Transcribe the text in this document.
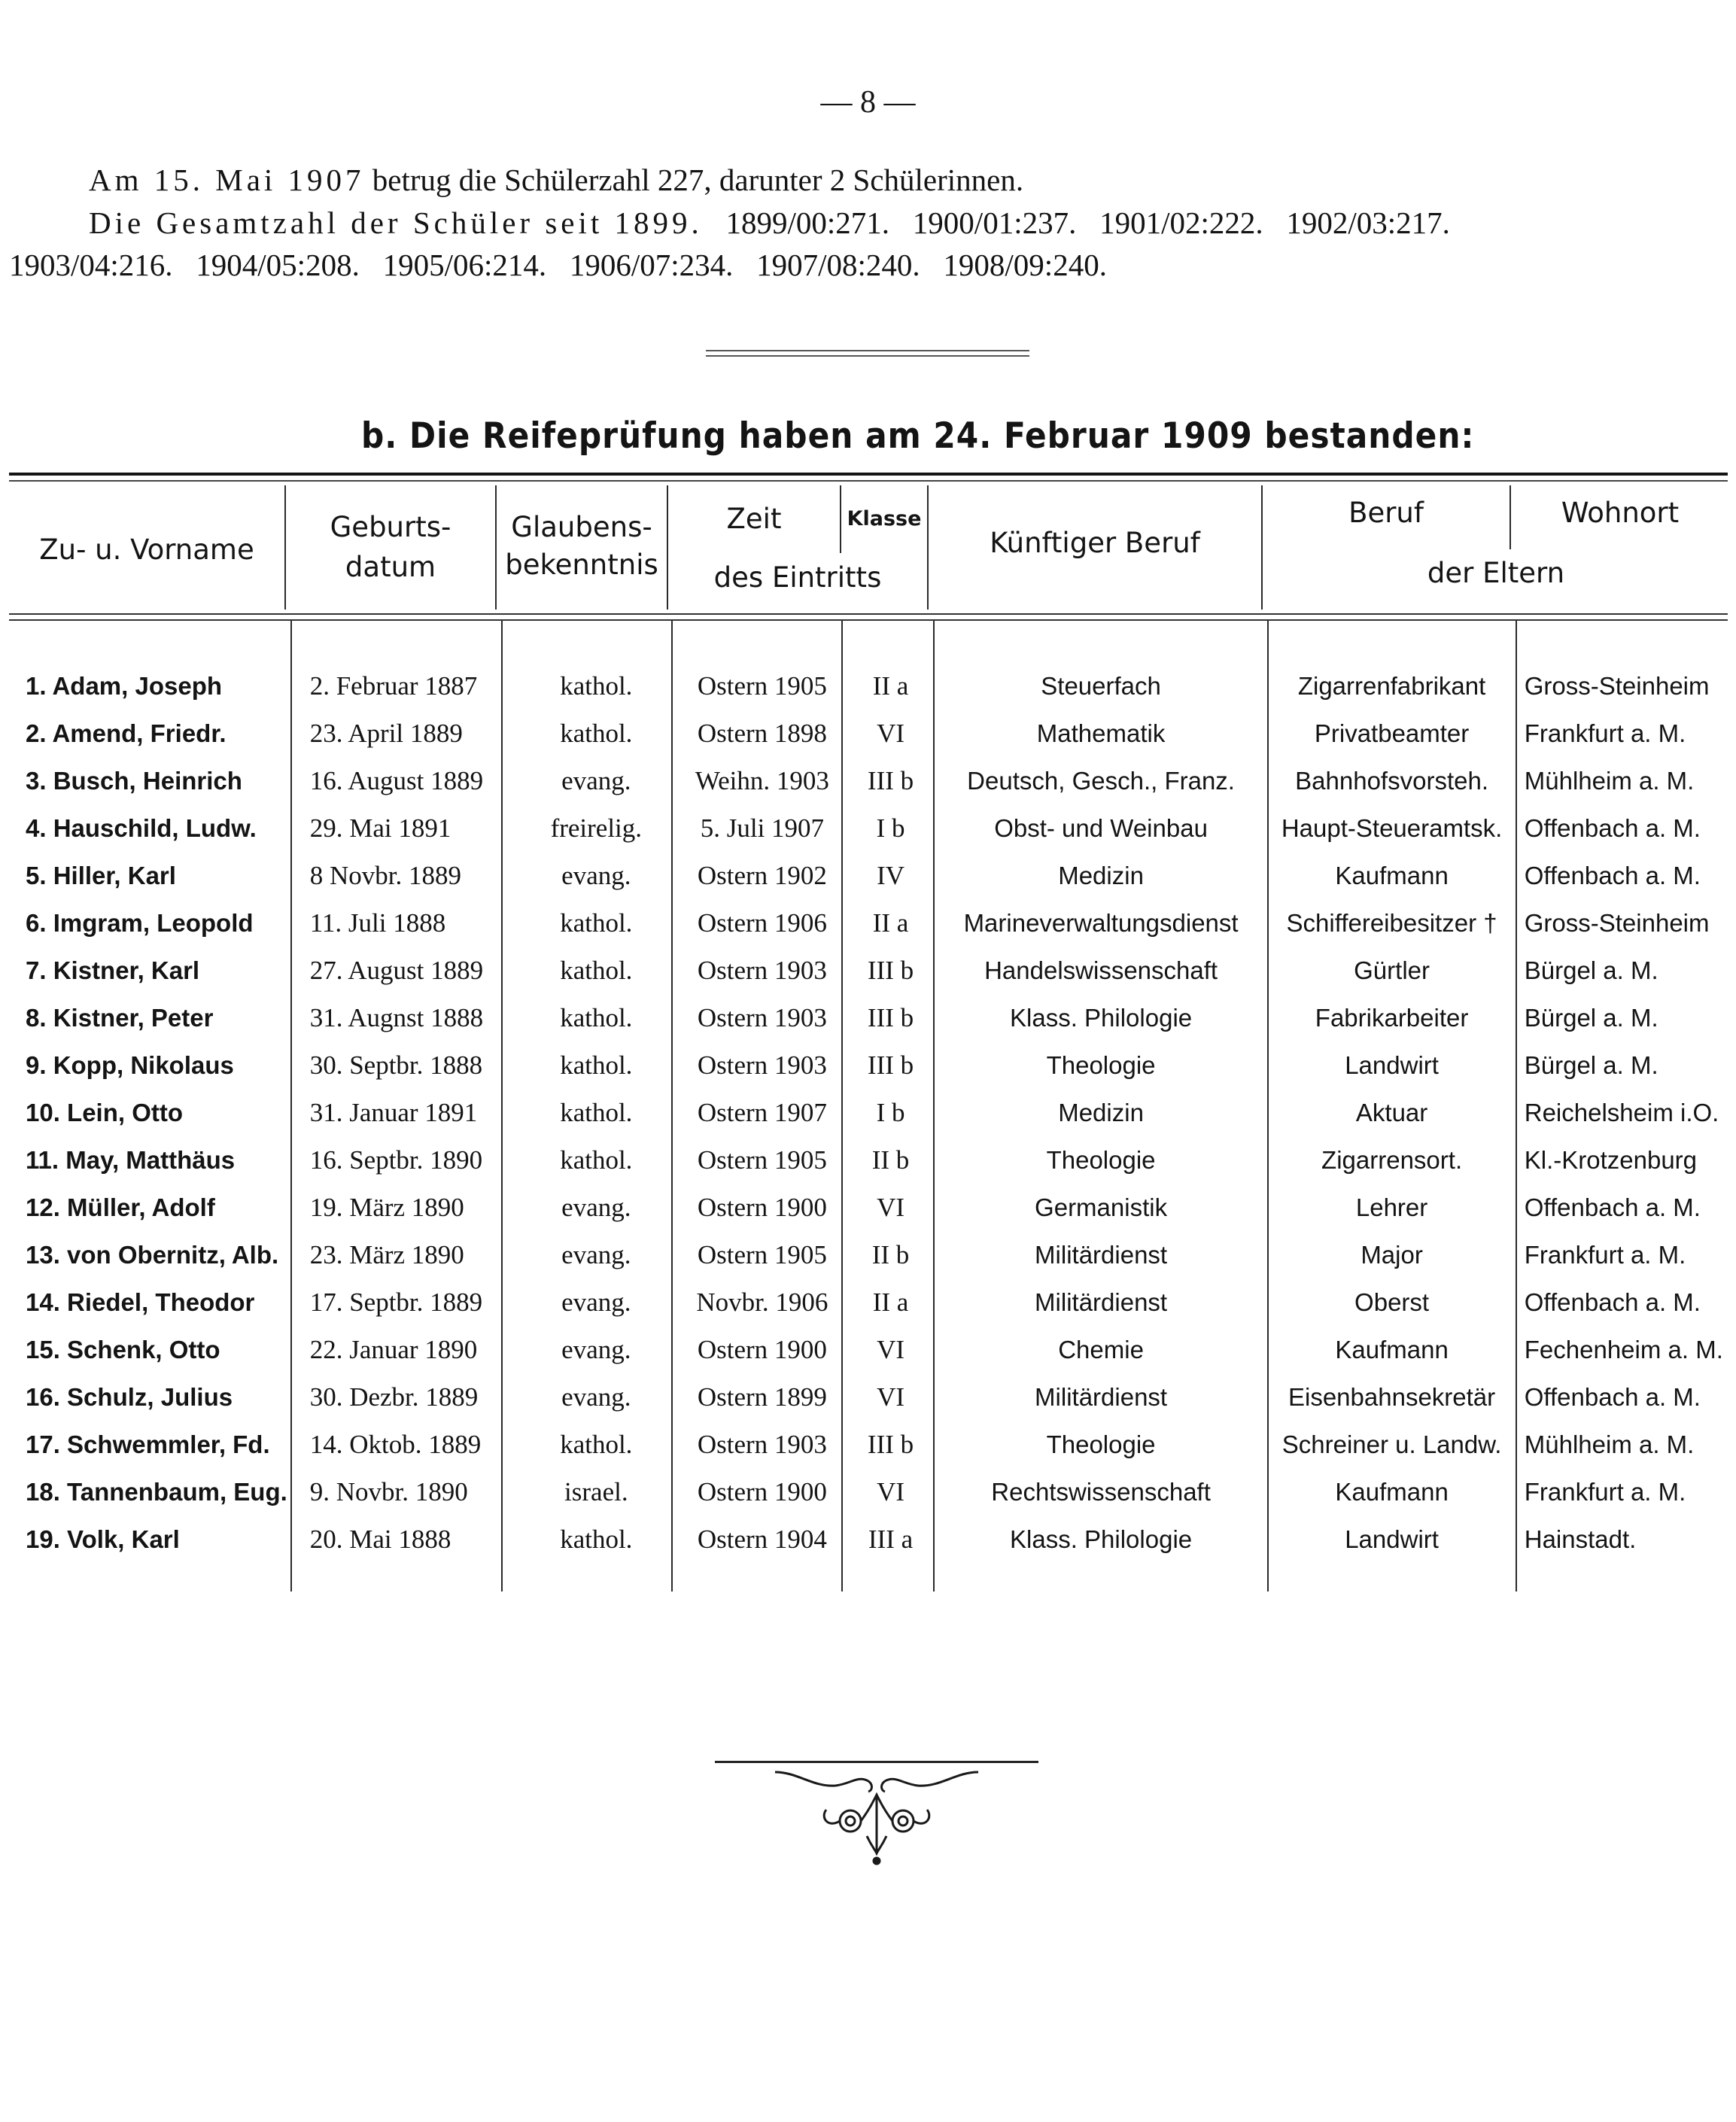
— 8 —
Am 15. Mai 1907 betrug die Schülerzahl 227, darunter 2 Schülerinnen.
Die Gesamtzahl der Schüler seit 1899.   1899/00:271.   1900/01:237.   1901/02:222.   1902/03:217.
1903/04:216.   1904/05:208.   1905/06:214.   1906/07:234.   1907/08:240.   1908/09:240.
b. Die Reifeprüfung haben am 24. Februar 1909 bestanden:
Zu- u. Vorname
Geburts-
datum
Glaubens-
bekenntnis
Zeit	Klasse
des Eintritts
Künftiger Beruf
Beruf	Wohnort
der Eltern
1. Adam, Joseph	2. Februar 1887	kathol.	Ostern 1905	II a	Steuerfach	Zigarrenfabrikant	Gross-Steinheim
2. Amend, Friedr.	23. April 1889	kathol.	Ostern 1898	VI	Mathematik	Privatbeamter	Frankfurt a. M.
3. Busch, Heinrich	16. August 1889	evang.	Weihn. 1903	III b	Deutsch, Gesch., Franz.	Bahnhofsvorsteh.	Mühlheim a. M.
4. Hauschild, Ludw.	29. Mai 1891	freirelig.	5. Juli 1907	I b	Obst- und Weinbau	Haupt-Steueramtsk.	Offenbach a. M.
5. Hiller, Karl	8 Novbr. 1889	evang.	Ostern 1902	IV	Medizin	Kaufmann	Offenbach a. M.
6. Imgram, Leopold	11. Juli 1888	kathol.	Ostern 1906	II a	Marineverwaltungsdienst	Schiffereibesitzer †	Gross-Steinheim
7. Kistner, Karl	27. August 1889	kathol.	Ostern 1903	III b	Handelswissenschaft	Gürtler	Bürgel a. M.
8. Kistner, Peter	31. Augnst 1888	kathol.	Ostern 1903	III b	Klass. Philologie	Fabrikarbeiter	Bürgel a. M.
9. Kopp, Nikolaus	30. Septbr. 1888	kathol.	Ostern 1903	III b	Theologie	Landwirt	Bürgel a. M.
10. Lein, Otto	31. Januar 1891	kathol.	Ostern 1907	I b	Medizin	Aktuar	Reichelsheim i.O.
11. May, Matthäus	16. Septbr. 1890	kathol.	Ostern 1905	II b	Theologie	Zigarrensort.	Kl.-Krotzenburg
12. Müller, Adolf	19. März 1890	evang.	Ostern 1900	VI	Germanistik	Lehrer	Offenbach a. M.
13. von Obernitz, Alb.	23. März 1890	evang.	Ostern 1905	II b	Militärdienst	Major	Frankfurt a. M.
14. Riedel, Theodor	17. Septbr. 1889	evang.	Novbr. 1906	II a	Militärdienst	Oberst	Offenbach a. M.
15. Schenk, Otto	22. Januar 1890	evang.	Ostern 1900	VI	Chemie	Kaufmann	Fechenheim a. M.
16. Schulz, Julius	30. Dezbr. 1889	evang.	Ostern 1899	VI	Militärdienst	Eisenbahnsekretär	Offenbach a. M.
17. Schwemmler, Fd.	14. Oktob. 1889	kathol.	Ostern 1903	III b	Theologie	Schreiner u. Landw.	Mühlheim a. M.
18. Tannenbaum, Eug.	9. Novbr. 1890	israel.	Ostern 1900	VI	Rechtswissenschaft	Kaufmann	Frankfurt a. M.
19. Volk, Karl	20. Mai 1888	kathol.	Ostern 1904	III a	Klass. Philologie	Landwirt	Hainstadt.
